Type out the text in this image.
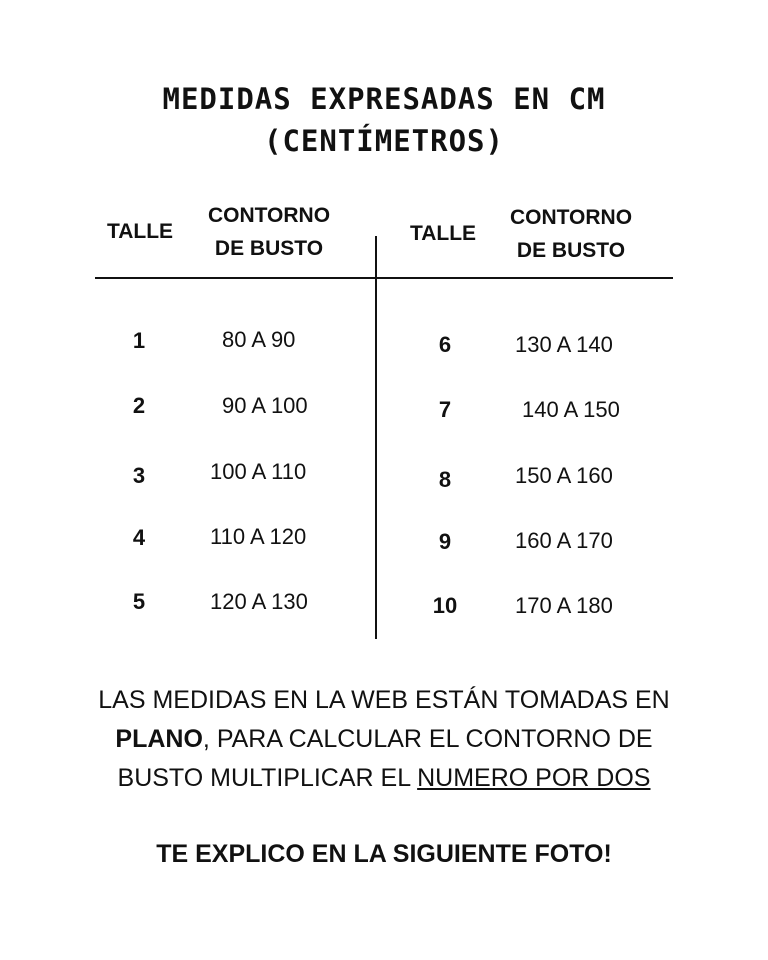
MEDIDAS EXPRESADAS EN CM
(CENTÍMETROS)
TALLE
CONTORNO
DE BUSTO
TALLE
CONTORNO
DE BUSTO
1	80 A 90
2	90 A 100
3	100 A 110
4	110 A 120
5	120 A 130
6	130 A 140
7	140 A 150
8	150 A 160
9	160 A 170
10	170 A 180
LAS MEDIDAS EN LA WEB ESTÁN TOMADAS EN
PLANO, PARA CALCULAR EL CONTORNO DE
BUSTO MULTIPLICAR EL NUMERO POR DOS
TE EXPLICO EN LA SIGUIENTE FOTO!
